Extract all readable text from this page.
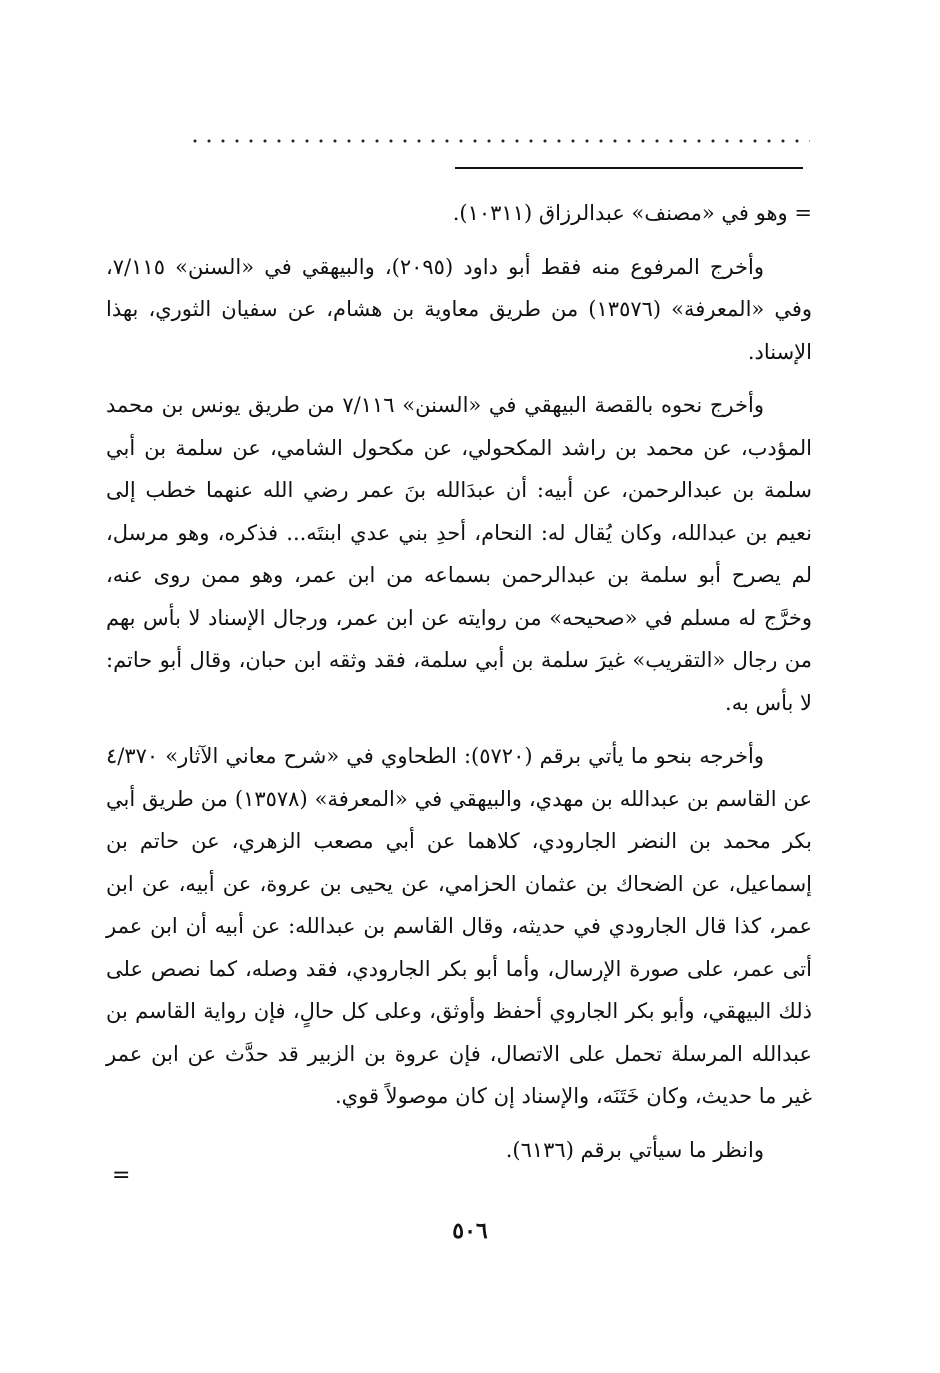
= وهو في «مصنف» عبدالرزاق (١٠٣١١).

وأخرج المرفوع منه فقط أبو داود (٢٠٩٥)، والبيهقي في «السنن» ٧/١١٥، وفي «المعرفة» (١٣٥٧٦) من طريق معاوية بن هشام، عن سفيان الثوري، بهذا الإسناد.

وأخرج نحوه بالقصة البيهقي في «السنن» ٧/١١٦ من طريق يونس بن محمد المؤدب، عن محمد بن راشد المكحولي، عن مكحول الشامي، عن سلمة بن أبي سلمة بن عبدالرحمن، عن أبيه: أن عبدَالله بنَ عمر رضي الله عنهما خطب إلى نعيم بن عبدالله، وكان يُقال له: النحام، أحدِ بني عدي ابنتَه... فذكره، وهو مرسل، لم يصرح أبو سلمة بن عبدالرحمن بسماعه من ابن عمر، وهو ممن روى عنه، وخرَّج له مسلم في «صحيحه» من روايته عن ابن عمر، ورجال الإسناد لا بأس بهم من رجال «التقريب» غيرَ سلمة بن أبي سلمة، فقد وثقه ابن حبان، وقال أبو حاتم: لا بأس به.

وأخرجه بنحو ما يأتي برقم (٥٧٢٠): الطحاوي في «شرح معاني الآثار» ٤/٣٧٠ عن القاسم بن عبدالله بن مهدي، والبيهقي في «المعرفة» (١٣٥٧٨) من طريق أبي بكر محمد بن النضر الجارودي، كلاهما عن أبي مصعب الزهري، عن حاتم بن إسماعيل، عن الضحاك بن عثمان الحزامي، عن يحيى بن عروة، عن أبيه، عن ابن عمر، كذا قال الجارودي في حديثه، وقال القاسم بن عبدالله: عن أبيه أن ابن عمر أتى عمر، على صورة الإرسال، وأما أبو بكر الجارودي، فقد وصله، كما نصص على ذلك البيهقي، وأبو بكر الجاروي أحفظ وأوثق، وعلى كل حالٍ، فإن رواية القاسم بن عبدالله المرسلة تحمل على الاتصال، فإن عروة بن الزبير قد حدَّث عن ابن عمر غير ما حديث، وكان خَتَنَه، والإسناد إن كان موصولاً قوي.

وانظر ما سيأتي برقم (٦١٣٦).

=
٥٠٦
